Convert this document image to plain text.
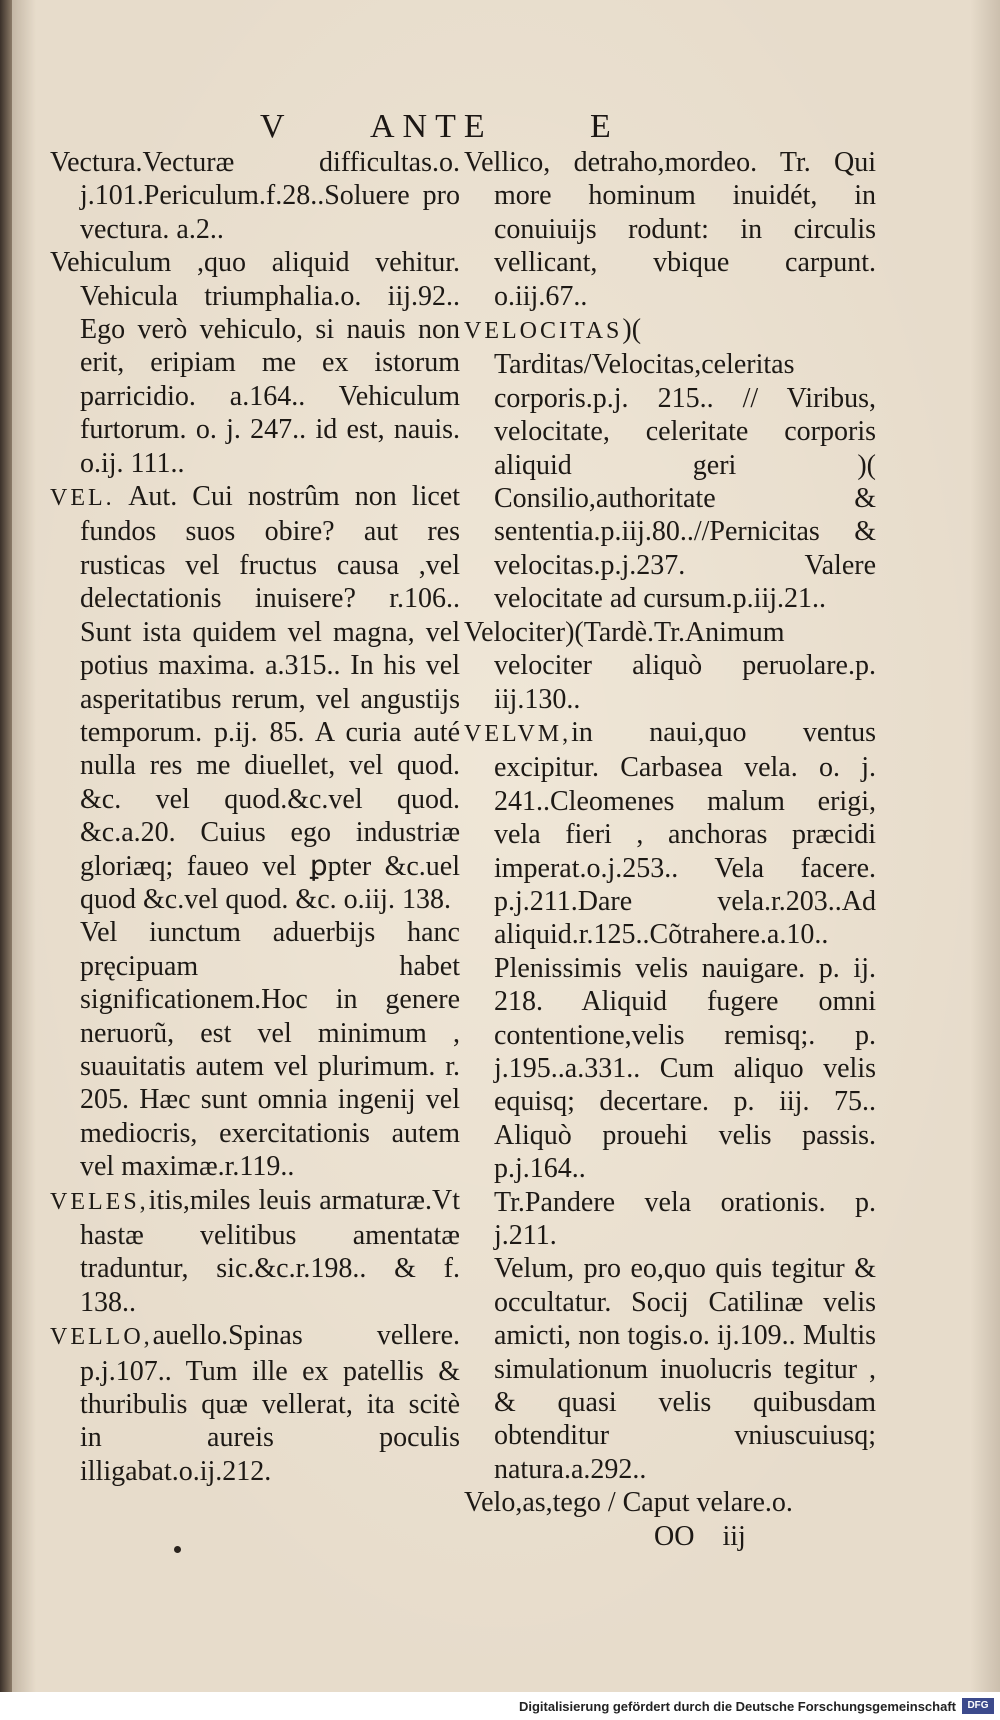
V ANTE	E

Vectura.Vecturæ difficultas.o. j.101.Periculum.f.28..Soluere pro vectura. a.2..

Vehiculum ,quo aliquid vehitur. Vehicula triumphalia.o. iij.92.. Ego verò vehiculo, si nauis non erit, eripiam me ex istorum parricidio. a.164.. Vehiculum furtorum. o. j. 247.. id est, nauis. o.ij. 111..

VEL. Aut. Cui nostrûm non licet fundos suos obire? aut res rusticas vel fructus causa ,vel delectationis inuisere? r.106.. Sunt ista quidem vel magna, vel potius maxima. a.315.. In his vel asperitatibus rerum, vel angustijs temporum. p.ij. 85. A curia auté nulla res me diuellet, vel quod. &c. vel quod.&c.vel quod. &c.a.20. Cuius ego industriæ gloriæq; faueo vel ꝑpter &c.uel quod &c.vel quod. &c. o.iij. 138.

Vel iunctum aduerbijs hanc pręcipuam habet significationem.Hoc in genere neruorũ, est vel minimum , suauitatis autem vel plurimum. r. 205. Hæc sunt omnia ingenij vel mediocris, exercitationis autem vel maximæ.r.119..

VELES,itis,miles leuis armaturæ.Vt hastæ velitibus amentatæ traduntur, sic.&c.r.198.. & f. 138..

VELLO,auello.Spinas vellere. p.j.107.. Tum ille ex patellis & thuribulis quæ vellerat, ita scitè in aureis poculis illigabat.o.ij.212.

Vellico, detraho,mordeo. Tr. Qui more hominum inuidét, in conuiuijs rodunt: in circulis vellicant, vbique carpunt. o.iij.67..

VELOCITAS)( Tarditas/Velocitas,celeritas corporis.p.j. 215.. // Viribus, velocitate, celeritate corporis aliquid geri )( Consilio,authoritate & sententia.p.iij.80..//Pernicitas & velocitas.p.j.237. Valere velocitate ad cursum.p.iij.21..

Velociter)(Tardè.Tr.Animum velociter aliquò peruolare.p. iij.130..

VELVM,in naui,quo ventus excipitur. Carbasea vela. o. j. 241..Cleomenes malum erigi, vela fieri , anchoras præcidi imperat.o.j.253.. Vela facere. p.j.211.Dare vela.r.203..Ad aliquid.r.125..Cõtrahere.a.10.. Plenissimis velis nauigare. p. ij. 218. Aliquid fugere omni contentione,velis remisq;. p. j.195..a.331.. Cum aliquo velis equisq; decertare. p. iij. 75.. Aliquò prouehi velis passis. p.j.164..

Tr.Pandere vela orationis. p. j.211.

Velum, pro eo,quo quis tegitur & occultatur. Socij Catilinæ velis amicti, non togis.o. ij.109.. Multis simulationum inuolucris tegitur , & quasi velis quibusdam obtenditur vniuscuiusq; natura.a.292..

Velo,as,tego / Caput velare.o.

OO iij

Digitalisierung gefördert durch die Deutsche Forschungsgemeinschaft	DFG
